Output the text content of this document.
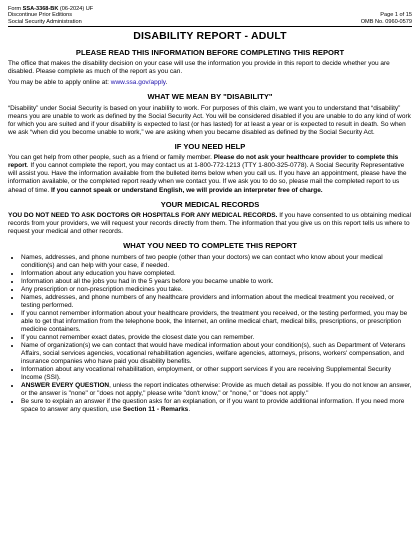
Form SSA-3368-BK (06-2024) UF
Discontinue Prior Editions
Social Security Administration
Page 1 of 15
OMB No. 0960-0579
DISABILITY REPORT - ADULT
PLEASE READ THIS INFORMATION BEFORE COMPLETING THIS REPORT

The office that makes the disability decision on your case will use the information you provide in this report to decide whether you are disabled. Please complete as much of the report as you can.

You may be able to apply online at: www.ssa.gov/apply.

WHAT WE MEAN BY "DISABILITY"

“Disability” under Social Security is based on your inability to work. For purposes of this claim, we want you to understand that “disability” means you are unable to work as defined by the Social Security Act. You will be considered disabled if you are unable to do any kind of work for which you are suited and if your disability is expected to last (or has lasted) for at least a year or is expected to result in death. So when we ask “when did you become unable to work,” we are asking when you became disabled as defined by the Social Security Act.

IF YOU NEED HELP

You can get help from other people, such as a friend or family member. Please do not ask your healthcare provider to complete this report. If you cannot complete the report, you may contact us at 1-800-772-1213 (TTY 1-800-325-0778). A Social Security Representative will assist you. Have the information available from the bulleted items below when you call us. If you have an appointment, please have the information available, or the completed report ready when we contact you. If we ask you to do so, please mail the completed report to us ahead of time. If you cannot speak or understand English, we will provide an interpreter free of charge.

YOUR MEDICAL RECORDS

YOU DO NOT NEED TO ASK DOCTORS OR HOSPITALS FOR ANY MEDICAL RECORDS. If you have consented to us obtaining medical records from your providers, we will request your records directly from them. The information that you give us on this report tells us where to request your medical and other records.

WHAT YOU NEED TO COMPLETE THIS REPORT
• Names, addresses, and phone numbers of two people (other than your doctors) we can contact who know about your medical condition(s) and can help with your case, if needed.
• Information about any education you have completed.
• Information about all the jobs you had in the 5 years before you became unable to work.
• Any prescription or non-prescription medicines you take.
• Names, addresses, and phone numbers of any healthcare providers and information about the medical treatment you received, or testing performed.
• If you cannot remember information about your healthcare providers, the treatment you received, or the testing performed, you may be able to get that information from the telephone book, the Internet, an online medical chart, medical bills, prescriptions, or prescription medicine containers.
• If you cannot remember exact dates, provide the closest date you can remember.
• Name of organization(s) we can contact that would have medical information about your condition(s), such as Department of Veterans Affairs, social services agencies, vocational rehabilitation agencies, welfare agencies, attorneys, prisons, workers' compensation, and insurance companies who have paid you disability benefits.
• Information about any vocational rehabilitation, employment, or other support services if you are receiving Supplemental Security Income (SSI).
• ANSWER EVERY QUESTION, unless the report indicates otherwise: Provide as much detail as possible. If you do not know an answer, or the answer is "none" or "does not apply," please write "don't know," or "none," or "does not apply."
• Be sure to explain an answer if the question asks for an explanation, or if you want to provide additional information. If you need more space to answer any question, use Section 11 - Remarks.
